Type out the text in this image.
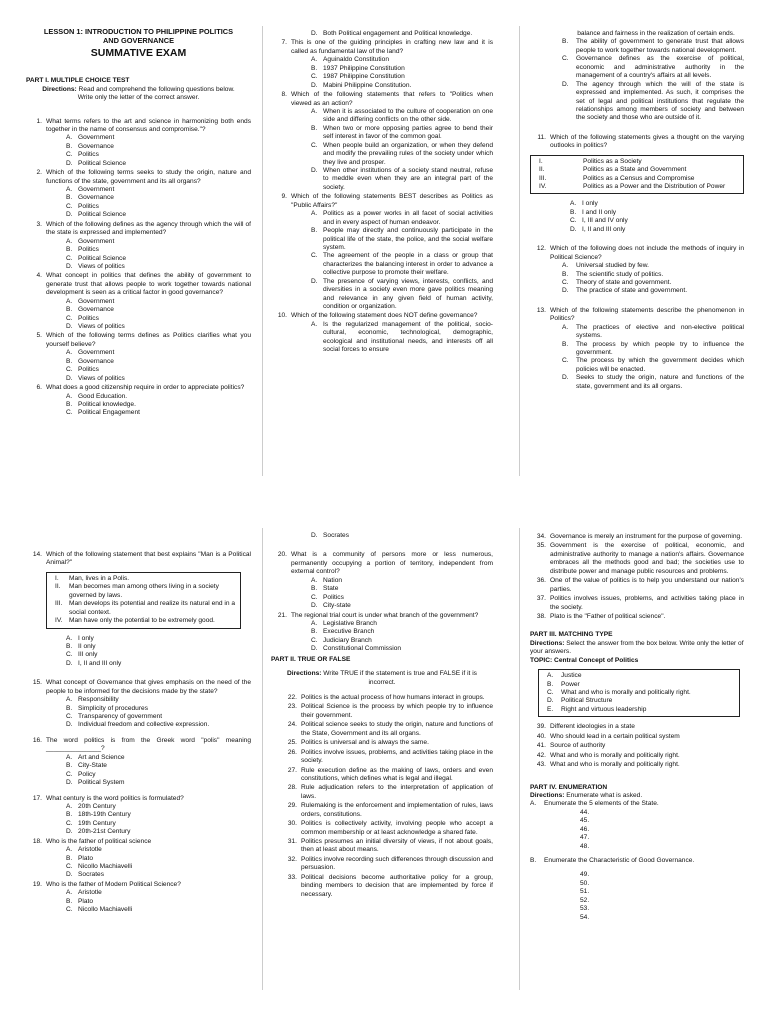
LESSON 1: INTRODUCTION TO PHILIPPINE POLITICS
AND GOVERNANCE
SUMMATIVE EXAM
PART I. MULTIPLE CHOICE TEST
Directions: Read and comprehend the following questions below. Write only the letter of the correct answer.
1. What terms refers to the art and science in harmonizing both ends together in the name of consensus and compromise."?
A. Government
B. Governance
C. Politics
D. Political Science
2. Which of the following terms seeks to study the origin, nature and functions of the state, government and its all organs?
A. Government
B. Governance
C. Politics
D. Political Science
3. Which of the following defines as the agency through which the will of the state is expressed and implemented?
A. Government
B. Politics
C. Political Science
D. Views of politics
4. What concept in politics that defines the ability of government to generate trust that allows people to work together towards national development is seen as a critical factor in good governance?
A. Government
B. Governance
C. Politics
D. Views of politics
5. Which of the following terms defines as Politics clarifies what you yourself believe?
A. Government
B. Governance
C. Politics
D. Views of politics
6. What does a good citizenship require in order to appreciate politics?
A. Good Education.
B. Political knowledge.
C. Political Engagement
D. Both Political engagement and Political knowledge.
7. This is one of the guiding principles in crafting new law and it is called as fundamental law of the land?
A. Aguinaldo Constitution
B. 1937 Philippine Constitution
C. 1987 Philippine Constitution
D. Mabini Philippine Constitution.
8. Which of the following statements that refers to "Politics when viewed as an action?
A. When it is associated to the culture of cooperation on one side and differing conflicts on the other side.
B. When two or more opposing parties agree to bend their self interest in favor of the common goal.
C. When people build an organization, or when they defend and modify the prevailing rules of the society under which they live and prosper.
D. When other institutions of a society stand neutral, refuse to meddle even when they are an integral part of the society.
9. Which of the following statements BEST describes as Politics as "Public Affairs?"
A. Politics as a power works in all facet of social activities and in every aspect of human endeavor.
B. People may directly and continuously participate in the political life of the state, the police, and the social welfare system.
C. The agreement of the people in a class or group that characterizes the balancing interest in order to advance a collective purpose to promote their welfare.
D. The presence of varying views, interests, conflicts, and diversities in a society even more gave politics meaning and relevance in any given field of human activity, condition or organization.
10. Which of the following statement does NOT define governance?
A. Is the regularized management of the political, socio-cultural, economic, technological, demographic, ecological and institutional needs, and interests off all social forces to ensure
balance and fairness in the realization of certain ends.
B.	The ability of government to generate trust that allows people to work together towards national development.
C.	Governance defines as the exercise of political, economic and administrative authority in the management of a country's affairs at all levels.
D.	The agency through which the will of the state is expressed and implemented. As such, it comprises the set of legal and political institutions that regulate the relationships among members of society and between the society and those who are outside of it.
11. Which of the following statements gives a thought on the varying outlooks in politics?
I.	Politics as a Society
II.	Politics as a State and Government
III.	Politics as a Census and Compromise
IV.	Politics as a Power and the Distribution of Power
A. I only
B. I and II only
C. I, III and IV only
D. I, II and III only
12. Which of the following does not include the methods of inquiry in Political Science?
A.	Universal studied by few.
B.	The scientific study of politics.
C.	Theory of state and government.
D.	The practice of state and government.
13. Which of the following statements describe the phenomenon in Politics?
A.	The practices of elective and non-elective political systems.
B.	The process by which people try to influence the government.
C.	The process by which the government decides which policies will be enacted.
D.	Seeks to study the origin, nature and functions of the state, government and its all organs.
14. Which of the following statement that best explains "Man is a Political Animal?"
I.	Man, lives in a Polis.
II.	Man becomes man among others living in a society governed by laws.
III.	Man develops its potential and realize its natural end in a social context.
IV. Man have only the potential to be extremely good.
A. I only
B. II only
C. III only
D. I, II and III only
15. What concept of Governance that gives emphasis on the need of the people to be informed for the decisions made by the state?
A. Responsibility
B. Simplicity of procedures
C. Transparency of government
D. Individual freedom and collective expression.
16. The word politics is from the Greek word "polis" meaning _______________?
A. Art and Science
B. City-State
C. Policy
D. Political System
17. What century is the word politics is formulated?
A. 20th Century
B. 18th-19th Century
C. 19th Century
D. 20th-21st Century
18. Who is the father of political science
A. Aristotle
B. Plato
C. Nicollo Machiavelli
D. Socrates
19. Who is the father of Modern Political Science?
A. Aristotle
B. Plato
C. Nicollo Machiavelli
D. Socrates
20. What is a community of persons more or less numerous, permanently occupying a portion of territory, independent from external control?
A. Nation
B. State
C. Politics
D. City-state
21. The regional trial court is under what branch of the government?
A. Legislative Branch
B. Executive Branch
C. Judiciary Branch
D. Constitutional Commission
PART II. TRUE OR FALSE
Directions: Write TRUE if the statement is true and FALSE if it is incorrect.
22. Politics is the actual process of how humans interact in groups.
23. Political Science is the process by which people try to influence their government.
24. Political science seeks to study the origin, nature and functions of the State, Government and its all organs.
25. Politics is universal and is always the same.
26. Politics involve issues, problems, and activities taking place in the society.
27. Rule execution define as the making of laws, orders and even constitutions, which defines what is legal and illegal.
28. Rule adjudication refers to the interpretation of application of laws.
29. Rulemaking is the enforcement and implementation of rules, laws orders, constitutions.
30. Politics is collectively activity, involving people who accept a common membership or at least acknowledge a shared fate.
31. Politics presumes an initial diversity of views, if not about goals, then at least about means.
32. Politics involve recording such differences through discussion and persuasion.
33. Political decisions become authoritative policy for a group, binding members to decision that are implemented by force if necessary.
34. Governance is merely an instrument for the purpose of governing.
35. Government is the exercise of political, economic, and administrative authority to manage a nation's affairs. Governance embraces all the methods good and bad; the societies use to distribute power and manage public resources and problems.
36. One of the value of politics is to help you understand our nation's parties.
37. Politics involves issues, problems, and activities taking place in the society.
38. Plato is the "Father of political science".
PART III. MATCHING TYPE
Directions: Select the answer from the box below. Write only the letter of your answers.
TOPIC: Central Concept of Politics
A.	Justice
B.	Power
C.	What and who is morally and politically right.
D.	Political Structure
E.	Right and virtuous leadership
39. Different ideologies in a state
40. Who should lead in a certain political system
41. Source of authority
42. What and who is morally and politically right.
43. What and who is morally and politically right.
PART IV. ENUMERATION
Directions: Enumerate what is asked.
A.	Enumerate the 5 elements of the State.
44.
45.
46.
47.
48.
B.	Enumerate the Characteristic of Good Governance.
49.
50.
51.
52.
53.
54.
